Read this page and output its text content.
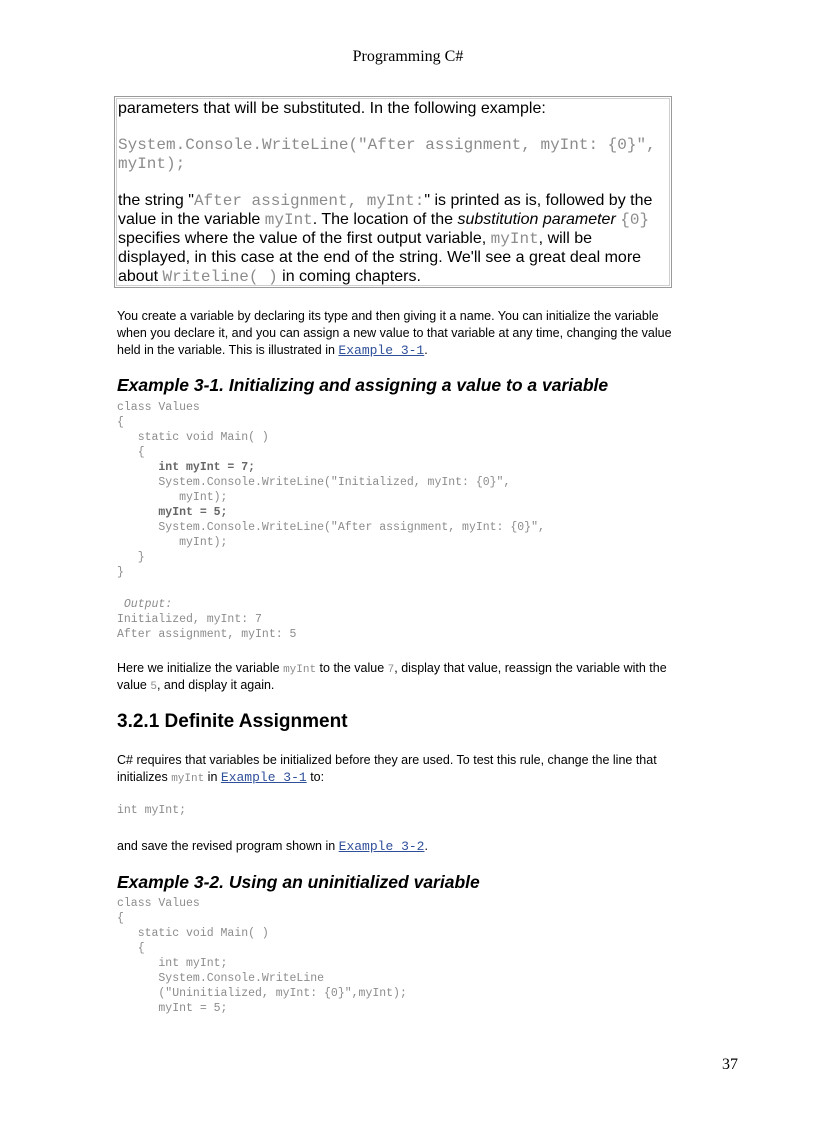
Programming C#
parameters that will be substituted. In the following example:
System.Console.WriteLine("After assignment, myInt: {0}",
myInt);
the string "After assignment, myInt:" is printed as is, followed by the
value in the variable myInt. The location of the substitution parameter {0}
specifies where the value of the first output variable, myInt, will be
displayed, in this case at the end of the string. We'll see a great deal more
about Writeline( ) in coming chapters.
You create a variable by declaring its type and then giving it a name. You can initialize the variable
when you declare it, and you can assign a new value to that variable at any time, changing the value
held in the variable. This is illustrated in Example 3-1.
Example 3-1. Initializing and assigning a value to a variable
class Values
{
static void Main( )
{
int myInt = 7;
System.Console.WriteLine("Initialized, myInt: {0}",
myInt);
myInt = 5;
System.Console.WriteLine("After assignment, myInt: {0}",
myInt);
}
}
Output:
Initialized, myInt: 7
After assignment, myInt: 5
Here we initialize the variable myInt to the value 7, display that value, reassign the variable with the
value 5, and display it again.
3.2.1 Definite Assignment
C# requires that variables be initialized before they are used. To test this rule, change the line that
initializes myInt in Example 3-1 to:
int myInt;
and save the revised program shown in Example 3-2.
Example 3-2. Using an uninitialized variable
class Values
{
static void Main( )
{
int myInt;
System.Console.WriteLine
("Uninitialized, myInt: {0}",myInt);
myInt = 5;
37
